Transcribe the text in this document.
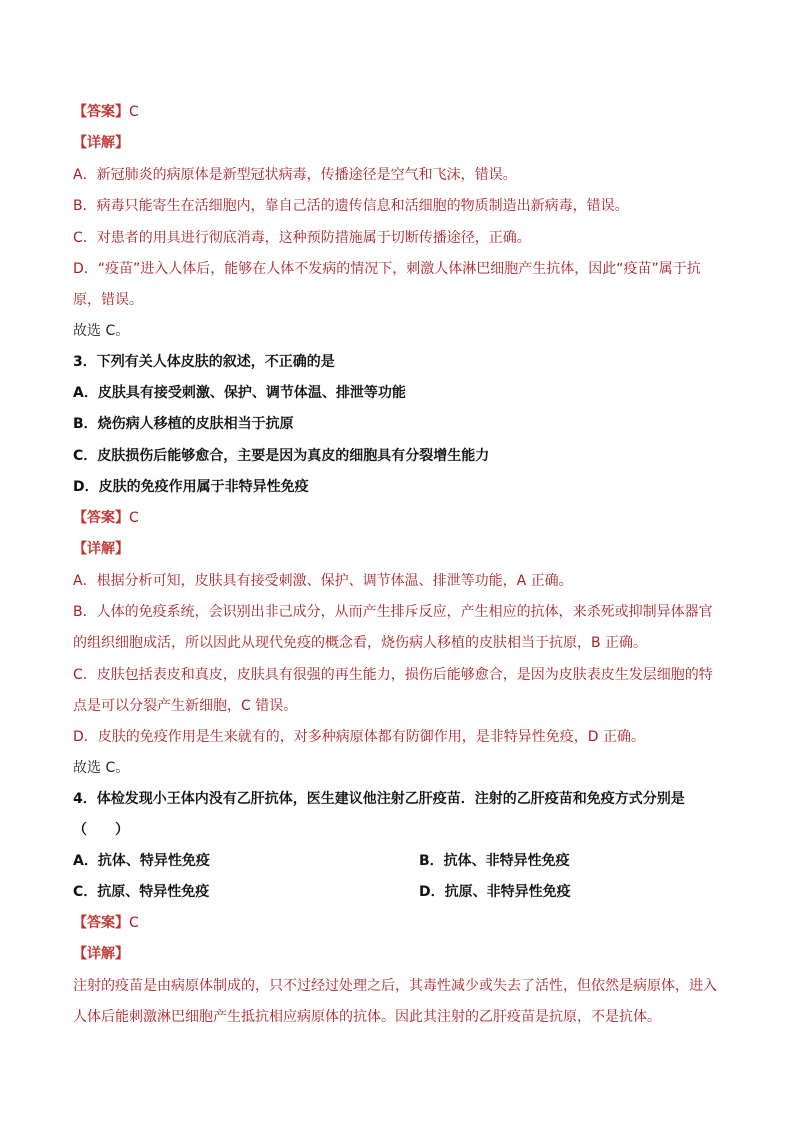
【答案】C
【详解】
A．新冠肺炎的病原体是新型冠状病毒，传播途径是空气和飞沫，错误。
B．病毒只能寄生在活细胞内，靠自己活的遗传信息和活细胞的物质制造出新病毒，错误。
C．对患者的用具进行彻底消毒，这种预防措施属于切断传播途径，正确。
D．“疫苗”进入人体后，能够在人体不发病的情况下，刺激人体淋巴细胞产生抗体，因此“疫苗”属于抗
原，错误。
故选 C。
3．下列有关人体皮肤的叙述，不正确的是
A．皮肤具有接受刺激、保护、调节体温、排泄等功能
B．烧伤病人移植的皮肤相当于抗原
C．皮肤损伤后能够愈合，主要是因为真皮的细胞具有分裂增生能力
D．皮肤的免疫作用属于非特异性免疫
【答案】C
【详解】
A．根据分析可知，皮肤具有接受刺激、保护、调节体温、排泄等功能，A 正确。
B．人体的免疫系统，会识别出非己成分，从而产生排斥反应，产生相应的抗体，来杀死或抑制异体器官
的组织细胞成活，所以因此从现代免疫的概念看，烧伤病人移植的皮肤相当于抗原，B 正确。
C．皮肤包括表皮和真皮，皮肤具有很强的再生能力，损伤后能够愈合，是因为皮肤表皮生发层细胞的特
点是可以分裂产生新细胞，C 错误。
D．皮肤的免疫作用是生来就有的，对多种病原体都有防御作用，是非特异性免疫，D 正确。
故选 C。
4．体检发现小王体内没有乙肝抗体，医生建议他注射乙肝疫苗．注射的乙肝疫苗和免疫方式分别是
（　　）
A．抗体、特异性免疫	B．抗体、非特异性免疫
C．抗原、特异性免疫	D．抗原、非特异性免疫
【答案】C
【详解】
注射的疫苗是由病原体制成的，只不过经过处理之后，其毒性减少或失去了活性，但依然是病原体，进入
人体后能刺激淋巴细胞产生抵抗相应病原体的抗体。因此其注射的乙肝疫苗是抗原，不是抗体。
